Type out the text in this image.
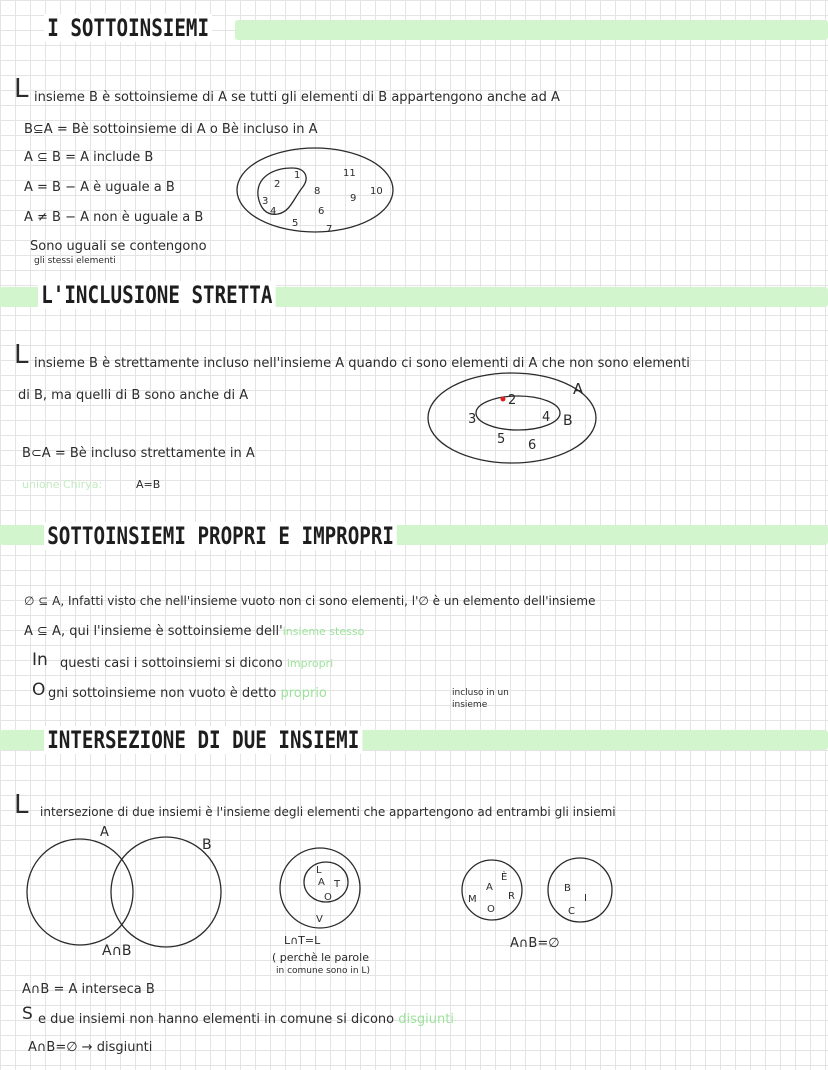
I SOTTOINSIEMI
L insieme B è sottoinsieme di A se tutti gli elementi di B appartengono anche ad A
B⊆A = Bè sottoinsieme di A o Bè incluso in A
A ⊆ B = A include B
A = B − A è uguale a B
A ≠ B − A non è uguale a B
Sono uguali se contengono
gli stessi elementi
L'INCLUSIONE STRETTA
L insieme B è strettamente incluso nell'insieme A quando ci sono elementi di A che non sono elementi
di B, ma quelli di B sono anche di A
B⊂A = Bè incluso strettamente in A
unione Chirya:	A=B
SOTTOINSIEMI PROPRI E IMPROPRI
∅ ⊆ A, Infatti visto che nell'insieme vuoto non ci sono elementi, l'∅ è un elemento dell'insieme
A ⊆ A, qui l'insieme è sottoinsieme dell'insieme stesso
In questi casi i sottoinsiemi si dicono impropri
O gni sottoinsieme non vuoto è detto proprio	incluso in un
insieme
INTERSEZIONE DI DUE INSIEMI
L intersezione di due insiemi è l'insieme degli elementi che appartengono ad entrambi gli insiemi
L∩T=L
( perchè le parole
in comune sono in L)
A∩B=∅
A∩B = A interseca B
S e due insiemi non hanno elementi in comune si dicono disgiunti
A∩B=∅ → disgiunti
1
2
3
4
5
6
7
8
9
10
11
A
B
4
2
3
5 6
A
B
A∩B
L
A T
O
V
A
È
M	R
O
B
I
C
